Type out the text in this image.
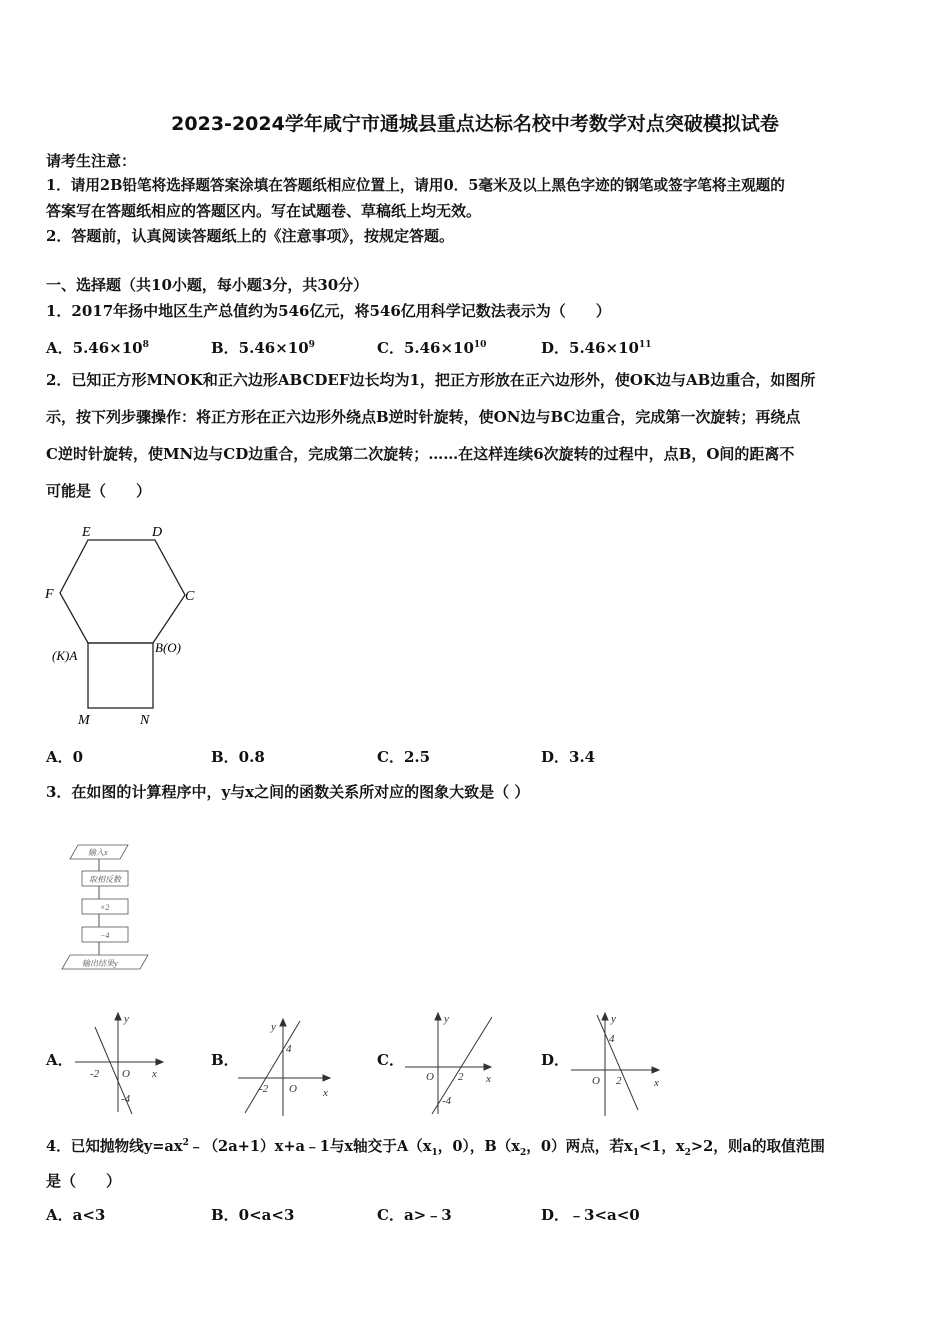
2023-2024学年咸宁市通城县重点达标名校中考数学对点突破模拟试卷
请考生注意：
1．请用2B铅笔将选择题答案涂填在答题纸相应位置上，请用0．5毫米及以上黑色字迹的钢笔或签字笔将主观题的
答案写在答题纸相应的答题区内。写在试题卷、草稿纸上均无效。
2．答题前，认真阅读答题纸上的《注意事项》，按规定答题。
一、选择题（共10小题，每小题3分，共30分）
1．2017年扬中地区生产总值约为546亿元，将546亿用科学记数法表示为（　　）
A．$5.46\times 10^8$	B．$5.46\times 10^9$	C．$5.46\times 10^{10}$	D．$5.46\times 10^{11}$
2．已知正方形MNOK和正六边形ABCDEF边长均为1，把正方形放在正六边形外，使OK边与AB边重合，如图所
示，按下列步骤操作：将正方形在正六边形外绕点B逆时针旋转，使ON边与BC边重合，完成第一次旋转；再绕点
C逆时针旋转，使MN边与CD边重合，完成第二次旋转；……在这样连续6次旋转的过程中，点B，O间的距离不
可能是（　　）
E	D
F	C
(K)A
B(O)
M	N
A．0	B．0.8	C．2.5	D．3.4
3．在如图的计算程序中，y与x之间的函数关系所对应的图象大致是（ ）
输入x
取相反数
×2
−4
输出结果y
A．
y
x
-2 O
-4
B．
y
x
-2 O
4
C．
y
x
O 2
-4
D．
y
x
O 2
4
4．已知抛物线$y=ax^2﹣(2a+1)x+a﹣1$与x轴交于$A(x_1$，0），$B(x_2$，0）两点，若$x_1<1$，$x_2>2$，则a的取值范围
是（　　）
A．a<3	B．0<a<3	C．a>﹣3	D．﹣3<a<0
